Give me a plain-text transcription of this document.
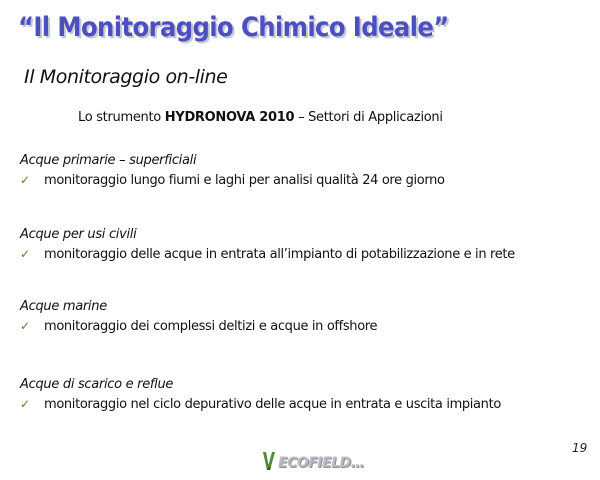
“Il Monitoraggio Chimico Ideale”
Il Monitoraggio on-line

Lo strumento HYDRONOVA 2010 – Settori di Applicazioni

Acque primarie – superficiali
✓ monitoraggio lungo fiumi e laghi per analisi qualità 24 ore giorno
Acque per usi civili
✓ monitoraggio delle acque in entrata all’impianto di potabilizzazione e in rete
Acque marine
✓ monitoraggio dei complessi deltizi e acque in offshore
Acque di scarico e reflue
✓ monitoraggio nel ciclo depurativo delle acque in entrata e uscita impianto
ECOFIELD…
19
